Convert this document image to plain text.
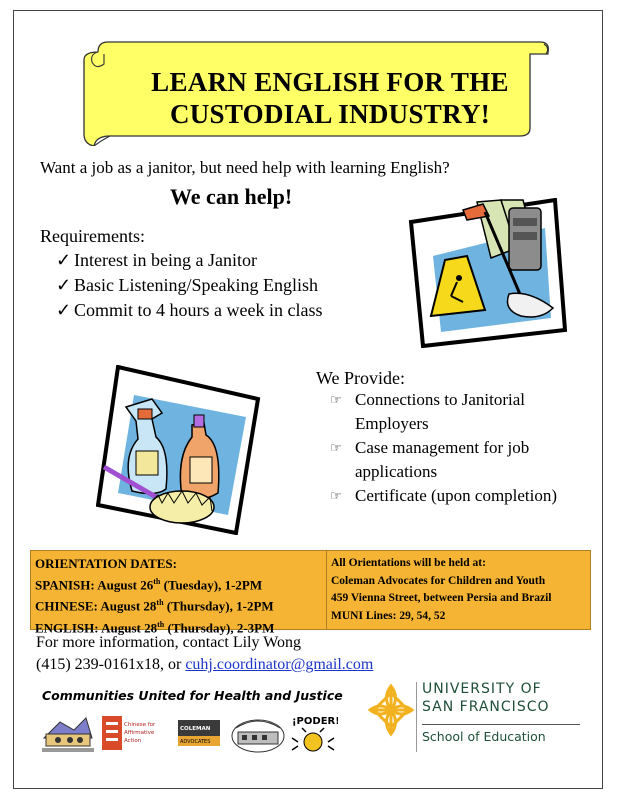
LEARN ENGLISH FOR THE
CUSTODIAL INDUSTRY!
Want a job as a janitor, but need help with learning English?
We can help!
Requirements:
✓ Interest in being a Janitor
✓ Basic Listening/Speaking English
✓ Commit to 4 hours a week in class
We Provide:
☞ Connections to Janitorial Employers
☞ Case management for job applications
☞ Certificate (upon completion)
ORIENTATION DATES:
SPANISH: August 26th (Tuesday), 1-2PM
CHINESE: August 28th (Thursday), 1-2PM
ENGLISH: August 28th (Thursday), 2-3PM
All Orientations will be held at:
Coleman Advocates for Children and Youth
459 Vienna Street, between Persia and Brazil
MUNI Lines: 29, 54, 52
For more information, contact Lily Wong
(415) 239-0161x18, or cuhj.coordinator@gmail.com
Communities United for Health and Justice
Chinese for
Affirmative
Action
COLEMAN
ADVOCATES
¡PODER!
UNIVERSITY OF
SAN FRANCISCO
School of Education
